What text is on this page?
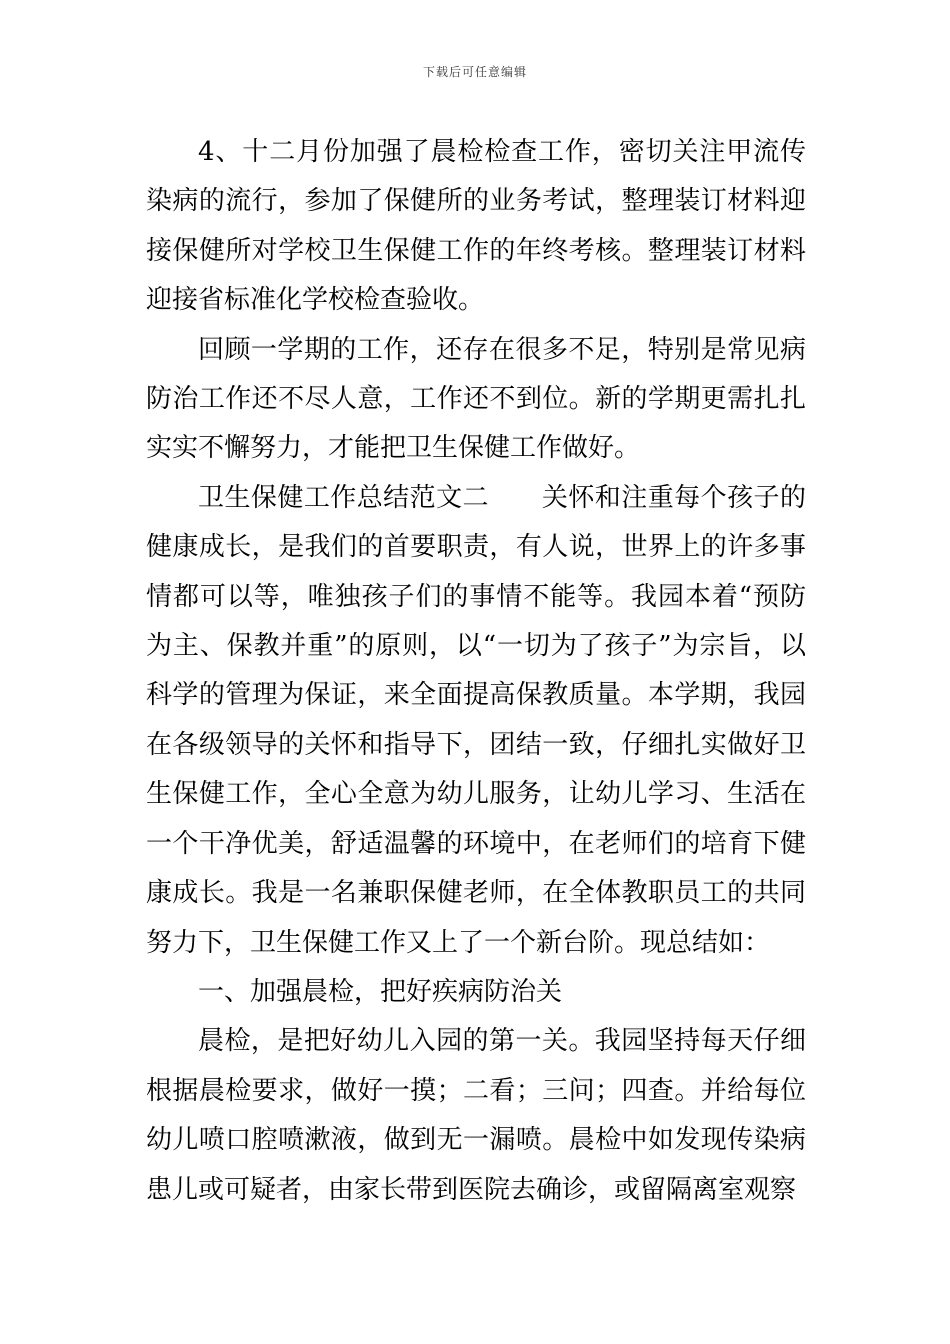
下载后可任意编辑

4、十二月份加强了晨检检查工作，密切关注甲流传染病的流行，参加了保健所的业务考试，整理装订材料迎接保健所对学校卫生保健工作的年终考核。整理装订材料迎接省标准化学校检查验收。

回顾一学期的工作，还存在很多不足，特别是常见病防治工作还不尽人意，工作还不到位。新的学期更需扎扎实实不懈努力，才能把卫生保健工作做好。

卫生保健工作总结范文二　　关怀和注重每个孩子的健康成长，是我们的首要职责，有人说，世界上的许多事情都可以等，唯独孩子们的事情不能等。我园本着“预防为主、保教并重”的原则，以“一切为了孩子”为宗旨，以科学的管理为保证，来全面提高保教质量。本学期，我园在各级领导的关怀和指导下，团结一致，仔细扎实做好卫生保健工作，全心全意为幼儿服务，让幼儿学习、生活在一个干净优美，舒适温馨的环境中，在老师们的培育下健康成长。我是一名兼职保健老师，在全体教职员工的共同努力下，卫生保健工作又上了一个新台阶。现总结如：

一、加强晨检，把好疾病防治关

晨检，是把好幼儿入园的第一关。我园坚持每天仔细根据晨检要求，做好一摸；二看；三问；四查。并给每位幼儿喷口腔喷漱液，做到无一漏喷。晨检中如发现传染病患儿或可疑者，由家长带到医院去确诊，或留隔离室观察
